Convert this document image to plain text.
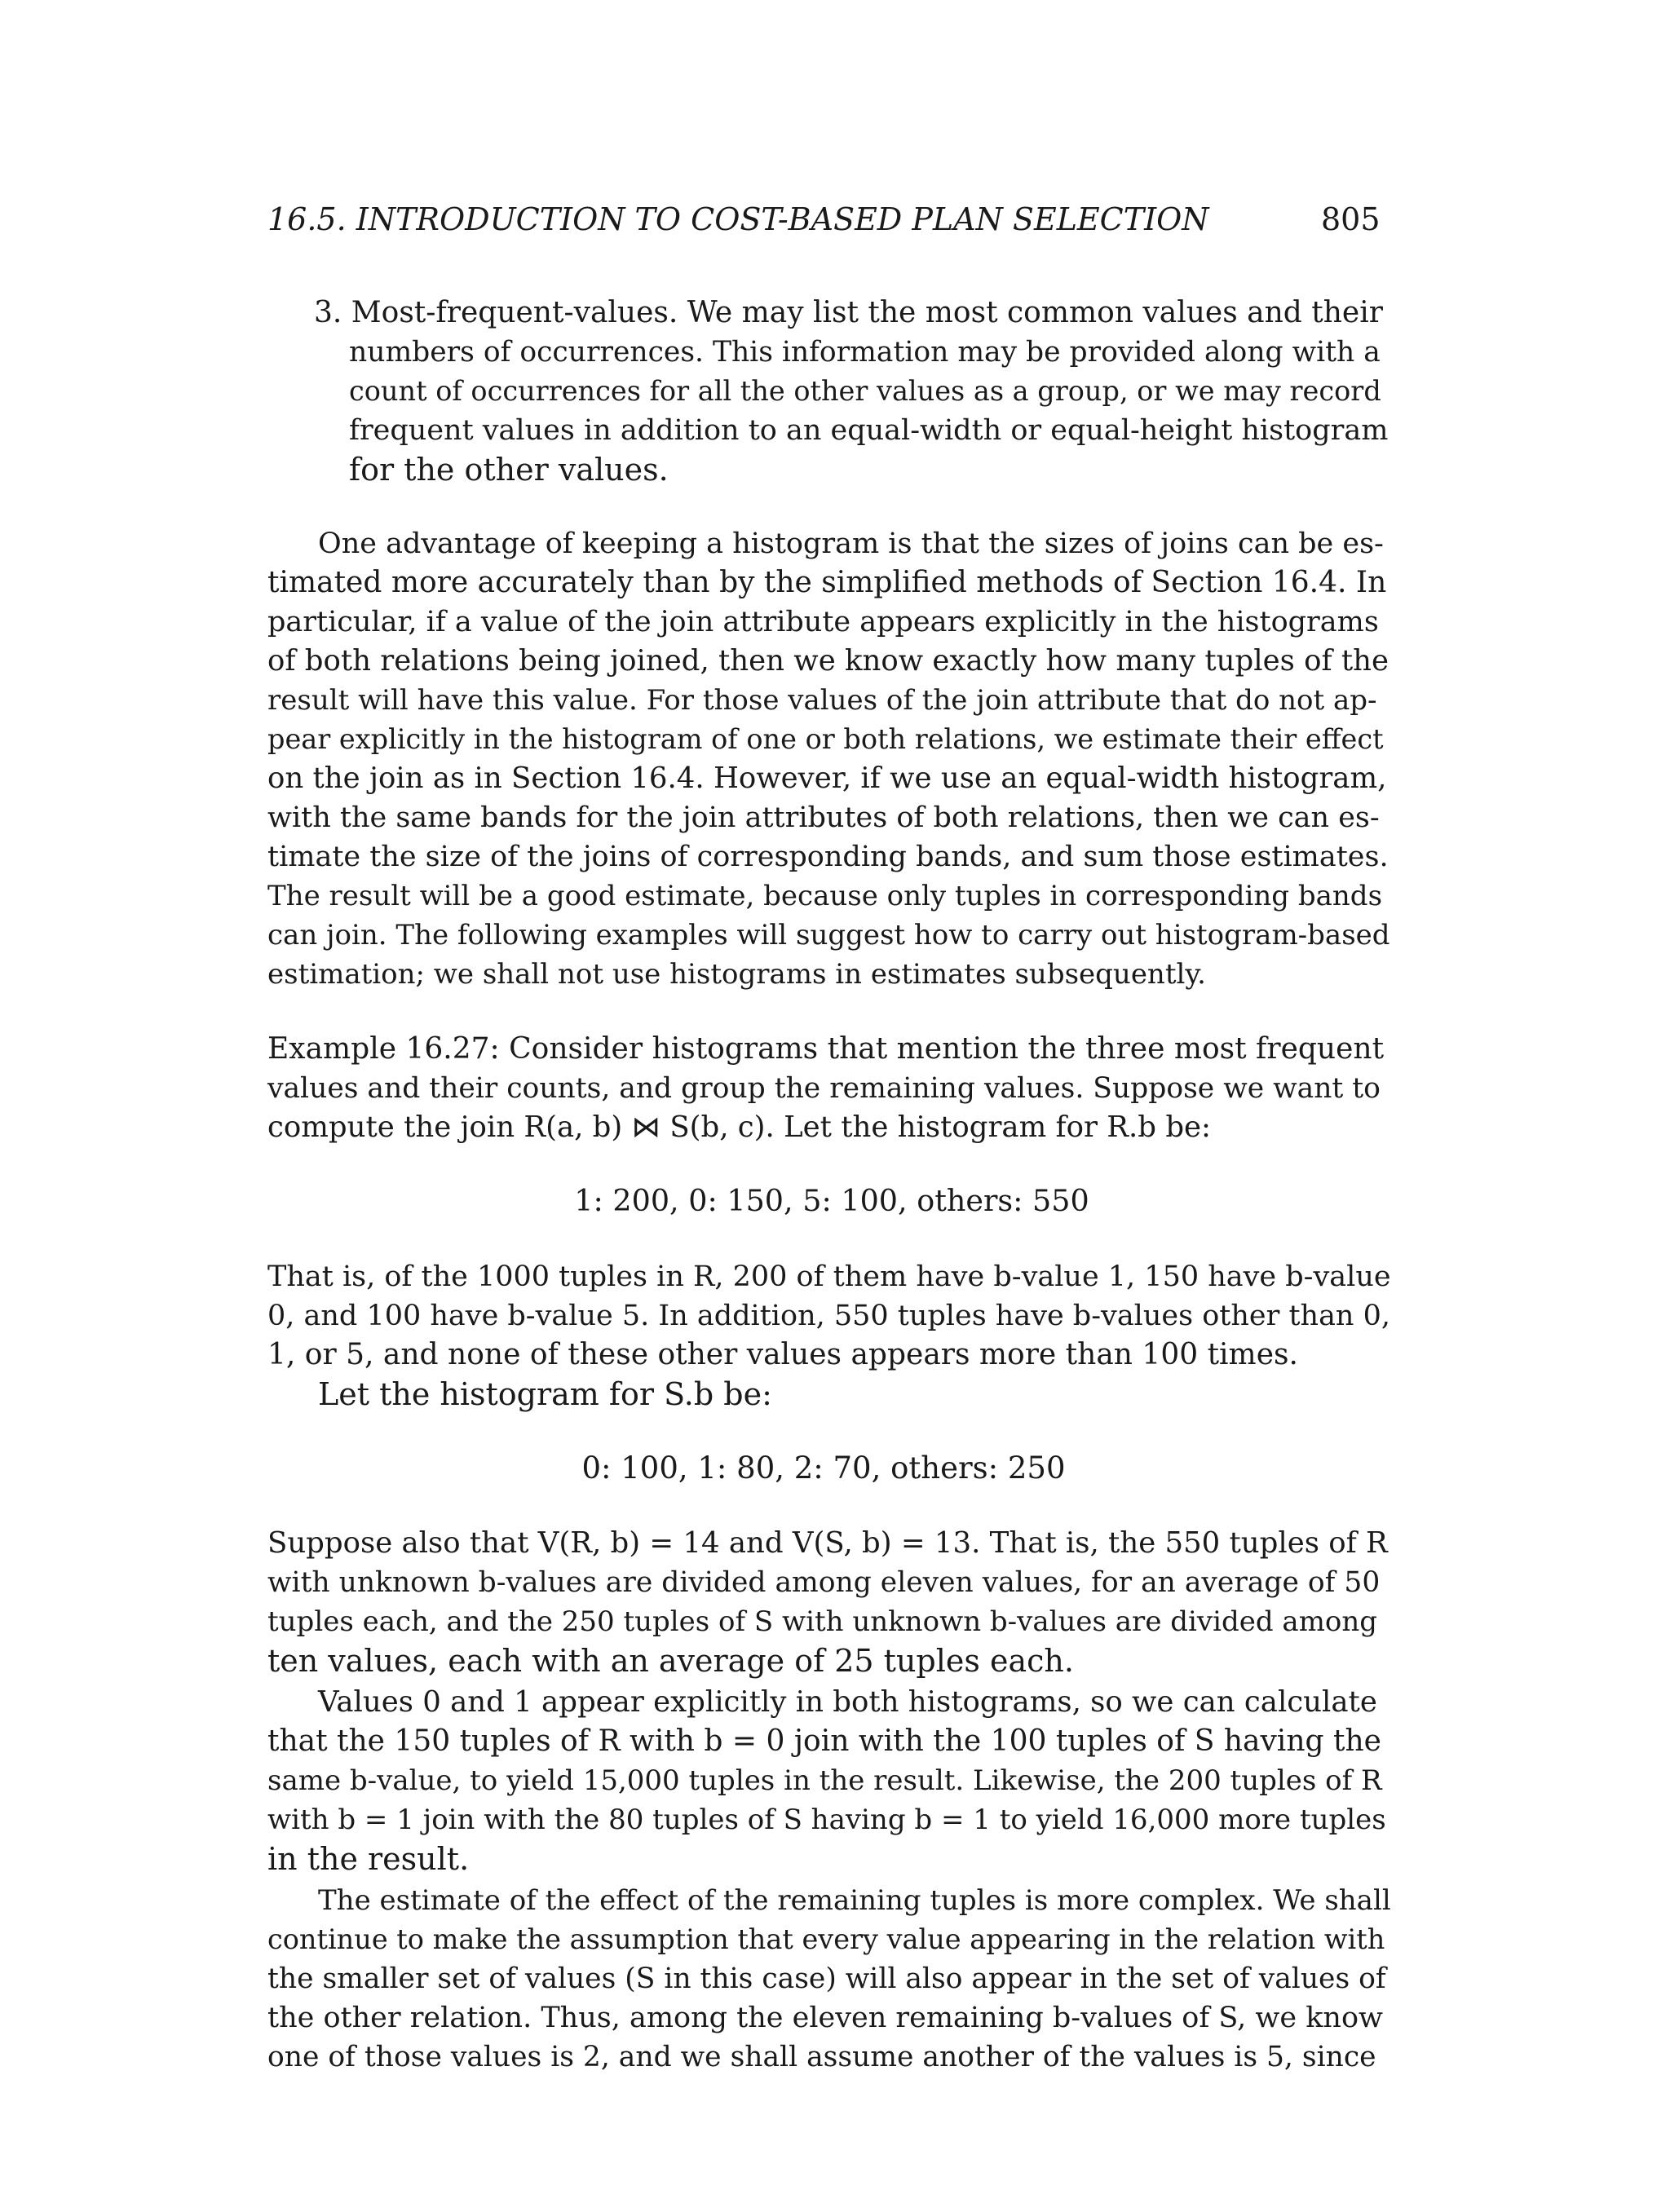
16.5. INTRODUCTION TO COST-BASED PLAN SELECTION	805
3. Most-frequent-values. We may list the most common values and their
numbers of occurrences. This information may be provided along with a
count of occurrences for all the other values as a group, or we may record
frequent values in addition to an equal-width or equal-height histogram
for the other values.
One advantage of keeping a histogram is that the sizes of joins can be es-
timated more accurately than by the simplified methods of Section 16.4. In
particular, if a value of the join attribute appears explicitly in the histograms
of both relations being joined, then we know exactly how many tuples of the
result will have this value. For those values of the join attribute that do not ap-
pear explicitly in the histogram of one or both relations, we estimate their effect
on the join as in Section 16.4. However, if we use an equal-width histogram,
with the same bands for the join attributes of both relations, then we can es-
timate the size of the joins of corresponding bands, and sum those estimates.
The result will be a good estimate, because only tuples in corresponding bands
can join. The following examples will suggest how to carry out histogram-based
estimation; we shall not use histograms in estimates subsequently.
Example 16.27: Consider histograms that mention the three most frequent
values and their counts, and group the remaining values. Suppose we want to
compute the join R(a, b) ⋈ S(b, c). Let the histogram for R.b be:
1: 200, 0: 150, 5: 100, others: 550
That is, of the 1000 tuples in R, 200 of them have b-value 1, 150 have b-value
0, and 100 have b-value 5. In addition, 550 tuples have b-values other than 0,
1, or 5, and none of these other values appears more than 100 times.
Let the histogram for S.b be:
0: 100, 1: 80, 2: 70, others: 250
Suppose also that V(R, b) = 14 and V(S, b) = 13. That is, the 550 tuples of R
with unknown b-values are divided among eleven values, for an average of 50
tuples each, and the 250 tuples of S with unknown b-values are divided among
ten values, each with an average of 25 tuples each.
Values 0 and 1 appear explicitly in both histograms, so we can calculate
that the 150 tuples of R with b = 0 join with the 100 tuples of S having the
same b-value, to yield 15,000 tuples in the result. Likewise, the 200 tuples of R
with b = 1 join with the 80 tuples of S having b = 1 to yield 16,000 more tuples
in the result.
The estimate of the effect of the remaining tuples is more complex. We shall
continue to make the assumption that every value appearing in the relation with
the smaller set of values (S in this case) will also appear in the set of values of
the other relation. Thus, among the eleven remaining b-values of S, we know
one of those values is 2, and we shall assume another of the values is 5, since
